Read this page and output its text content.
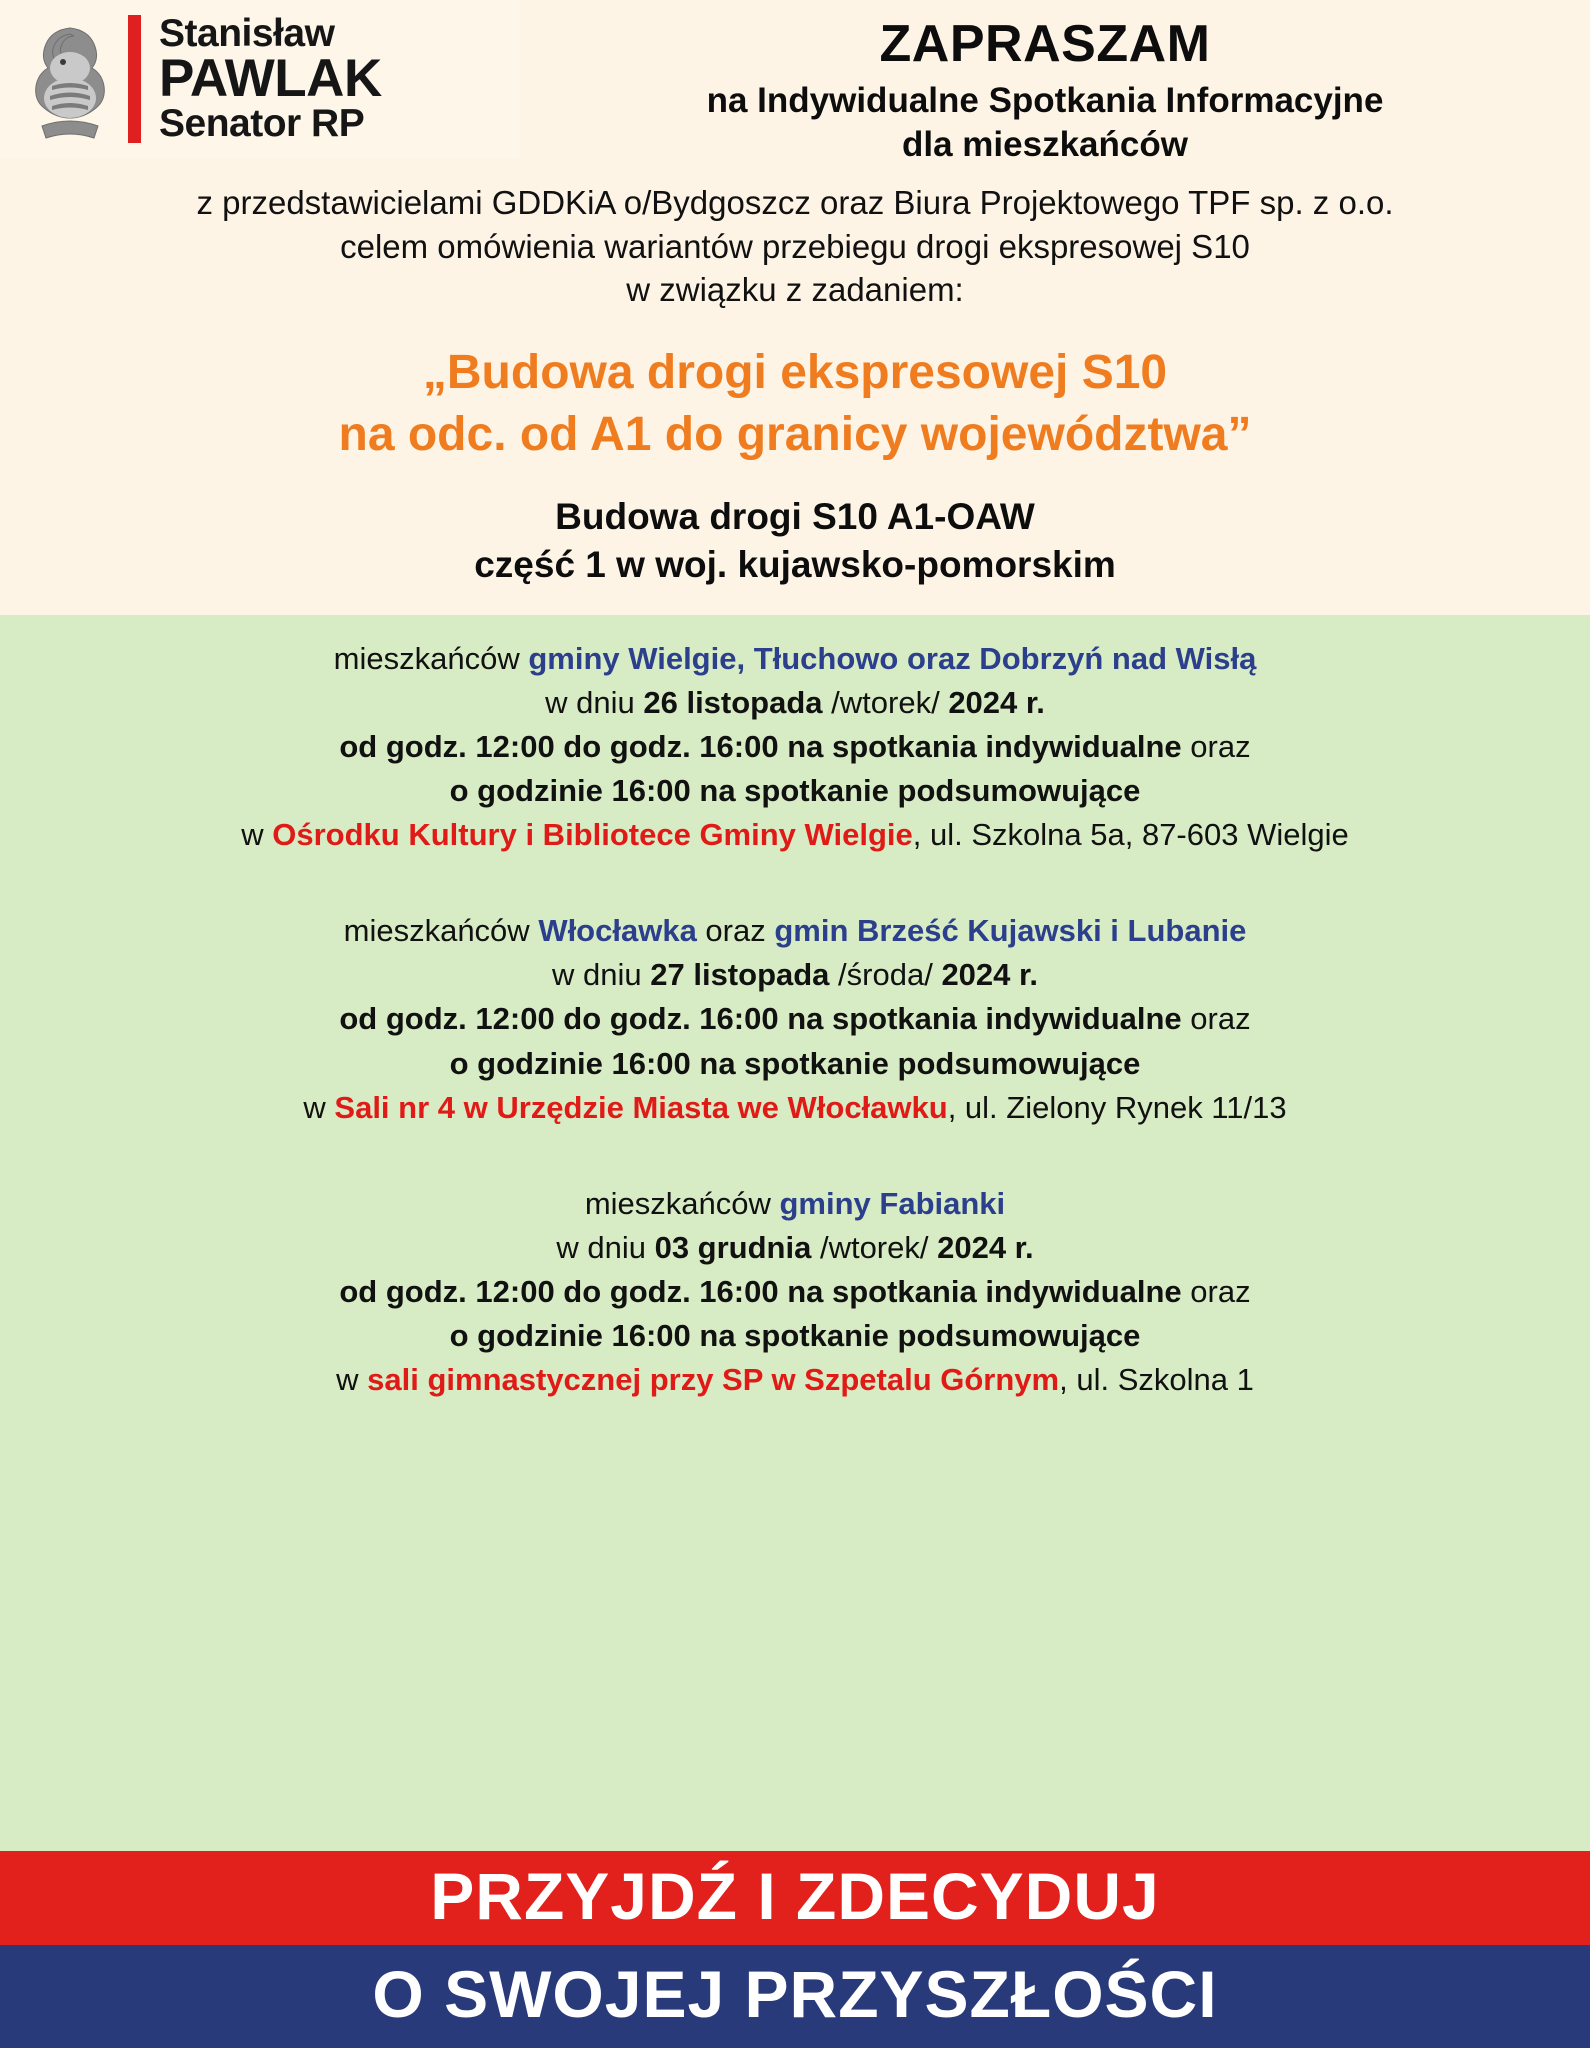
Stanisław
PAWLAK
Senator RP
ZAPRASZAM
na Indywidualne Spotkania Informacyjne
dla mieszkańców

z przedstawicielami GDDKiA o/Bydgoszcz oraz Biura Projektowego TPF sp. z o.o.

celem omówienia wariantów przebiegu drogi ekspresowej S10

w związku z zadaniem:

„Budowa drogi ekspresowej S10
na odc. od A1 do granicy województwa”
Budowa drogi S10 A1-OAW
część 1 w woj. kujawsko-pomorskim
mieszkańców gminy Wielgie, Tłuchowo oraz Dobrzyń nad Wisłą
w dniu 26 listopada /wtorek/ 2024 r.
od godz. 12:00 do godz. 16:00 na spotkania indywidualne oraz
o godzinie 16:00 na spotkanie podsumowujące
w Ośrodku Kultury i Bibliotece Gminy Wielgie, ul. Szkolna 5a, 87-603 Wielgie
mieszkańców Włocławka oraz gmin Brześć Kujawski i Lubanie
w dniu 27 listopada /środa/ 2024 r.
od godz. 12:00 do godz. 16:00 na spotkania indywidualne oraz
o godzinie 16:00 na spotkanie podsumowujące
w Sali nr 4 w Urzędzie Miasta we Włocławku, ul. Zielony Rynek 11/13
mieszkańców gminy Fabianki
w dniu 03 grudnia /wtorek/ 2024 r.
od godz. 12:00 do godz. 16:00 na spotkania indywidualne oraz
o godzinie 16:00 na spotkanie podsumowujące
w sali gimnastycznej przy SP w Szpetalu Górnym, ul. Szkolna 1
PRZYJDŹ I ZDECYDUJ
O SWOJEJ PRZYSZŁOŚCI
